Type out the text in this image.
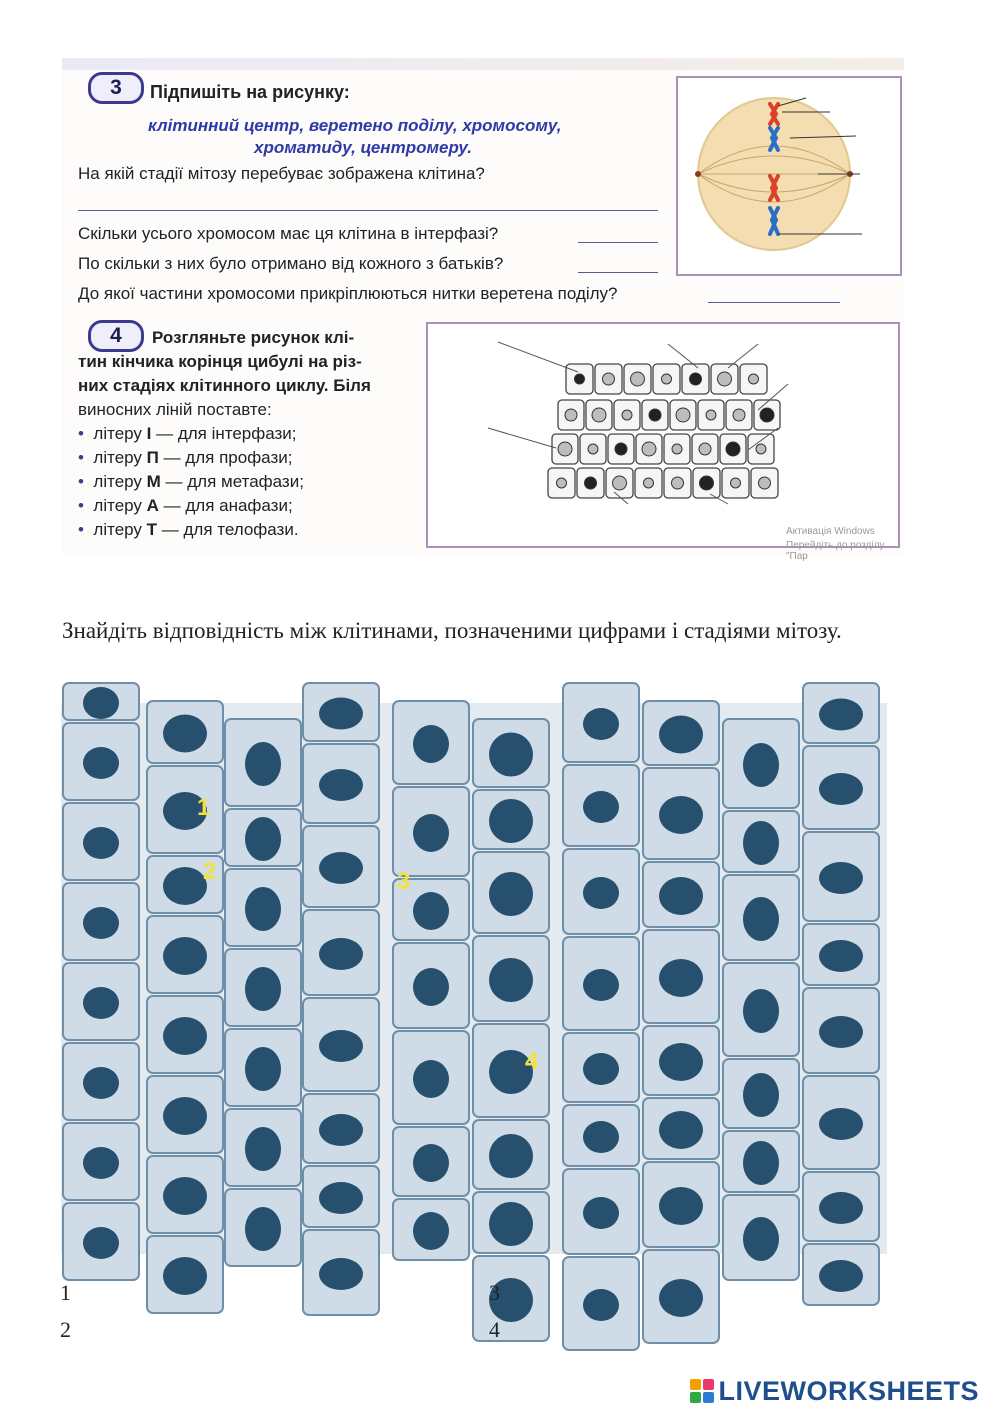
3	Підпишіть на рисунку:
клітинний центр, веретено поділу, хромосому,
хроматиду, центромеру.
На якій стадії мітозу перебуває зображена клітина?
Скільки усього хромосом має ця клітина в інтерфазі?
По скільки з них було отримано від кожного з батьків?
До якої частини хромосоми прикріплюються нитки веретена поділу?
4	Розгляньте рисунок клі-
тин кінчика корінця цибулі на різ-
них стадіях клітинного циклу. Біля
виносних ліній поставте:
• літеру І — для інтерфази;
• літеру П — для профази;
• літеру М — для метафази;
• літеру А — для анафази;
• літеру Т — для телофази.	Активація Windows
Перейдіть до розділу "Пар
Знайдіть відповідність між клітинами, позначеними цифрами і стадіями мітозу.
1
2	3
4
1
2
3
4
LIVEWORKSHEETS
